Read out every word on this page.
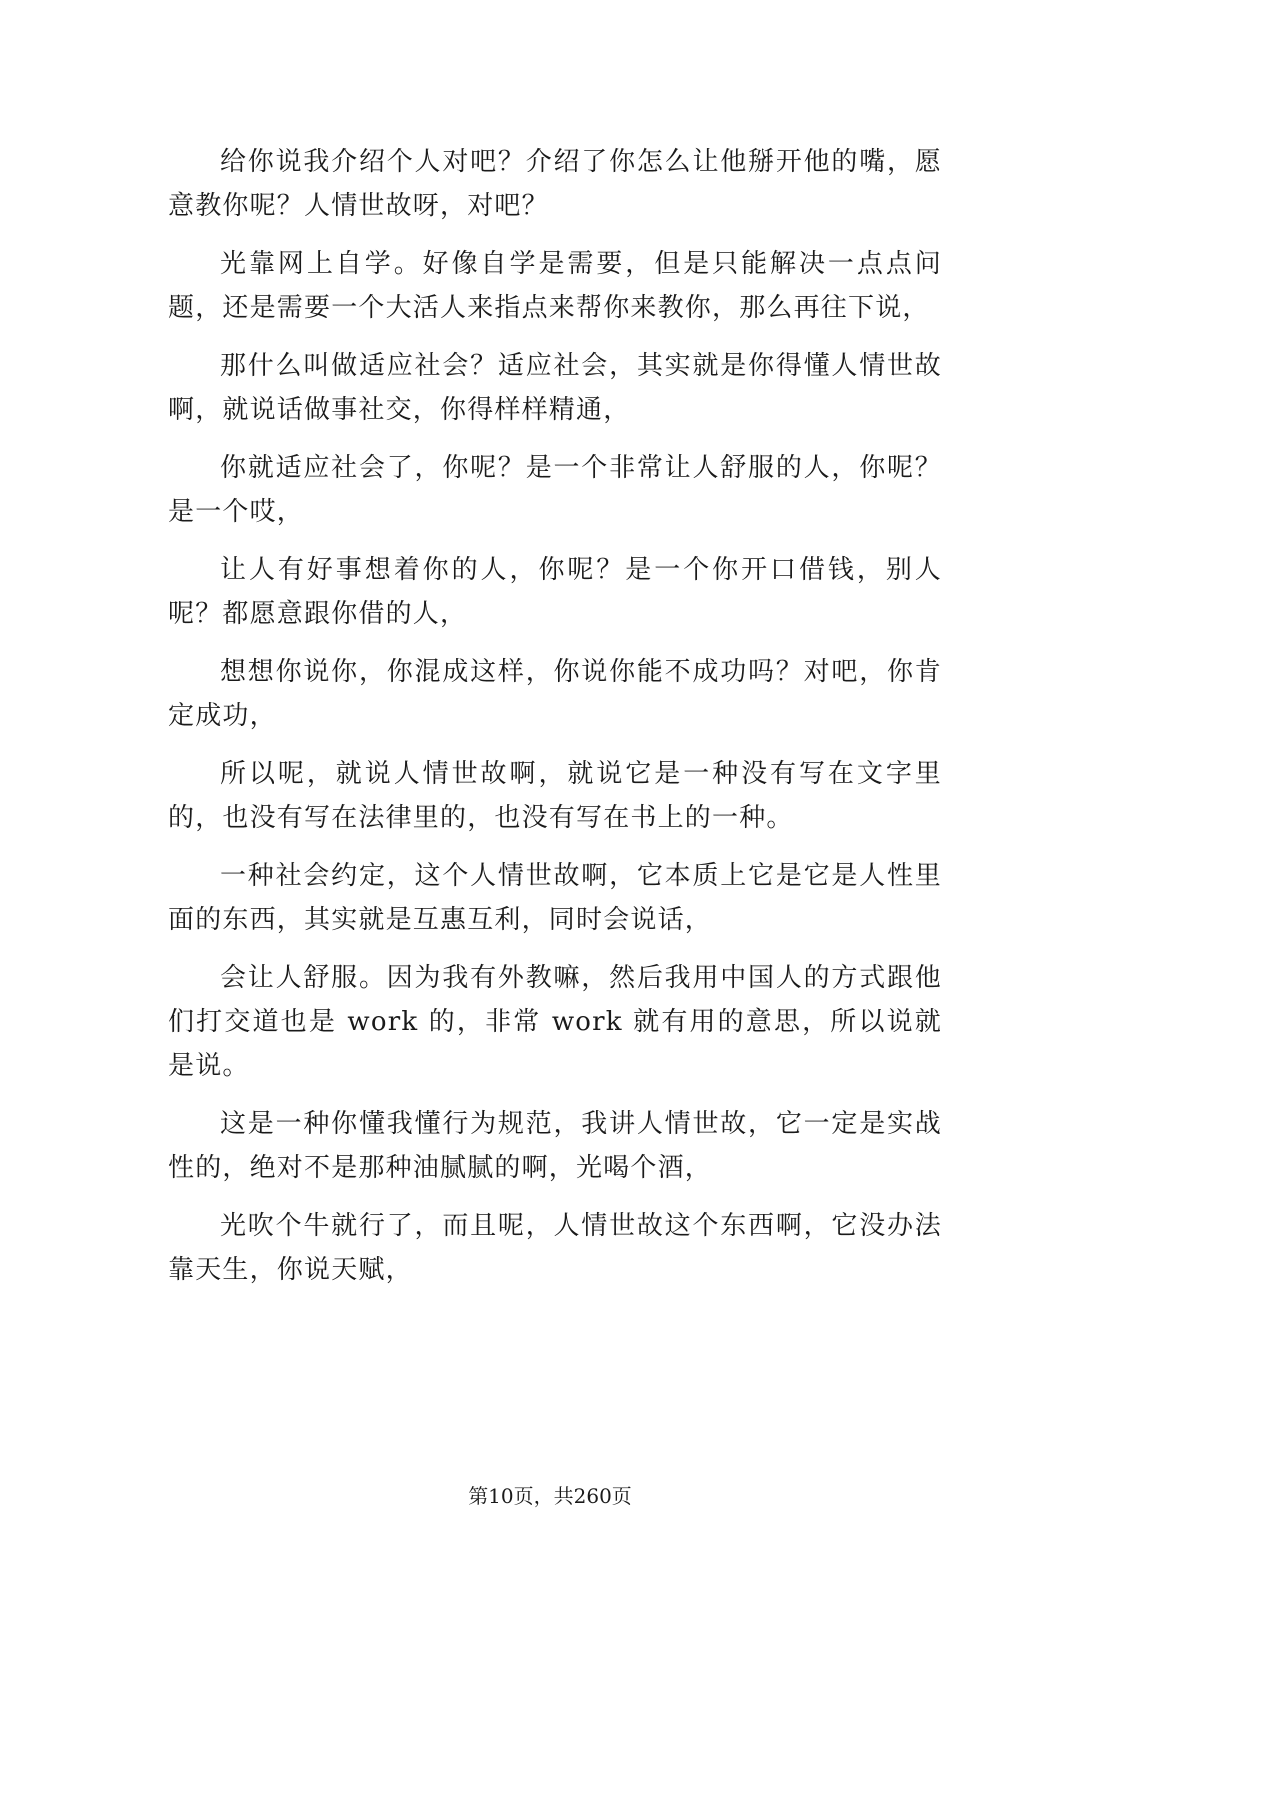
给你说我介绍个人对吧？介绍了你怎么让他掰开他的嘴，愿意教你呢？人情世故呀，对吧？

光靠网上自学。好像自学是需要，但是只能解决一点点问题，还是需要一个大活人来指点来帮你来教你，那么再往下说，

那什么叫做适应社会？适应社会，其实就是你得懂人情世故啊，就说话做事社交，你得样样精通，

你就适应社会了，你呢？是一个非常让人舒服的人，你呢？是一个哎，

让人有好事想着你的人，你呢？是一个你开口借钱，别人呢？都愿意跟你借的人，

想想你说你，你混成这样，你说你能不成功吗？对吧，你肯定成功，

所以呢，就说人情世故啊，就说它是一种没有写在文字里的，也没有写在法律里的，也没有写在书上的一种。

一种社会约定，这个人情世故啊，它本质上它是它是人性里面的东西，其实就是互惠互利，同时会说话，

会让人舒服。因为我有外教嘛，然后我用中国人的方式跟他们打交道也是 work 的，非常 work 就有用的意思，所以说就是说。

这是一种你懂我懂行为规范，我讲人情世故，它一定是实战性的，绝对不是那种油腻腻的啊，光喝个酒，

光吹个牛就行了，而且呢，人情世故这个东西啊，它没办法靠天生，你说天赋，

第10页，共260页
